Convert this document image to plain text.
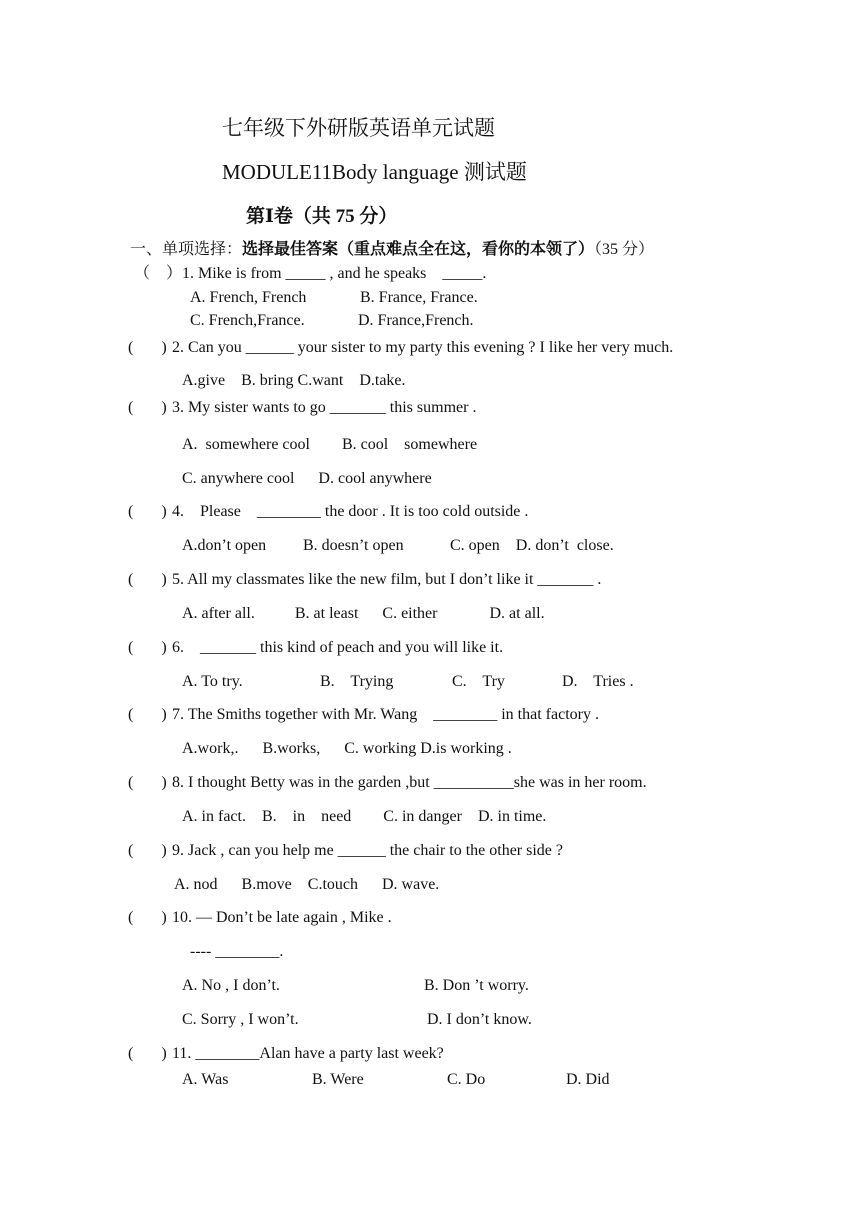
七年级下外研版英语单元试题
MODULE11Body language 测试题
第Ⅰ卷（共 75 分）
一、单项选择：选择最佳答案（重点难点全在这，看你的本领了）（35 分）
（    ） 1. Mike is from _____ , and he speaks    _____.
A. French, French	B. France, France.
C. French,France.	D. France,French.
(       ) 2. Can you ______ your sister to my party this evening ? I like her very much.
A.give    B. bring C.want    D.take.
(       ) 3. My sister wants to go _______ this summer .
A.  somewhere cool        B. cool    somewhere
C. anywhere cool      D. cool anywhere
(       ) 4.    Please    ________ the door . It is too cold outside .
A.don’t open B. doesn’t open	C. open    D. don’t  close.
(       ) 5. All my classmates like the new film, but I don’t like it _______ .
A. after all.          B. at least      C. either             D. at all.
(       ) 6.    _______ this kind of peach and you will like it.
A. To try.	B.    Trying	C.    Try	D.    Tries .
(       ) 7. The Smiths together with Mr. Wang    ________ in that factory .
A.work,.      B.works,      C. working D.is working .
(       ) 8. I thought Betty was in the garden ,but __________she was in her room.
A. in fact.    B.    in    need        C. in danger    D. in time.
(       ) 9. Jack , can you help me ______ the chair to the other side ?
A. nod      B.move    C.touch      D. wave.
(       ) 10. — Don’t be late again , Mike .
---- ________.
A. No , I don’t.	B. Don ’t worry.
C. Sorry , I won’t.	D. I don’t know.
(       ) 11. ________Alan have a party last week?
A. Was	B. Were	C. Do	D. Did
